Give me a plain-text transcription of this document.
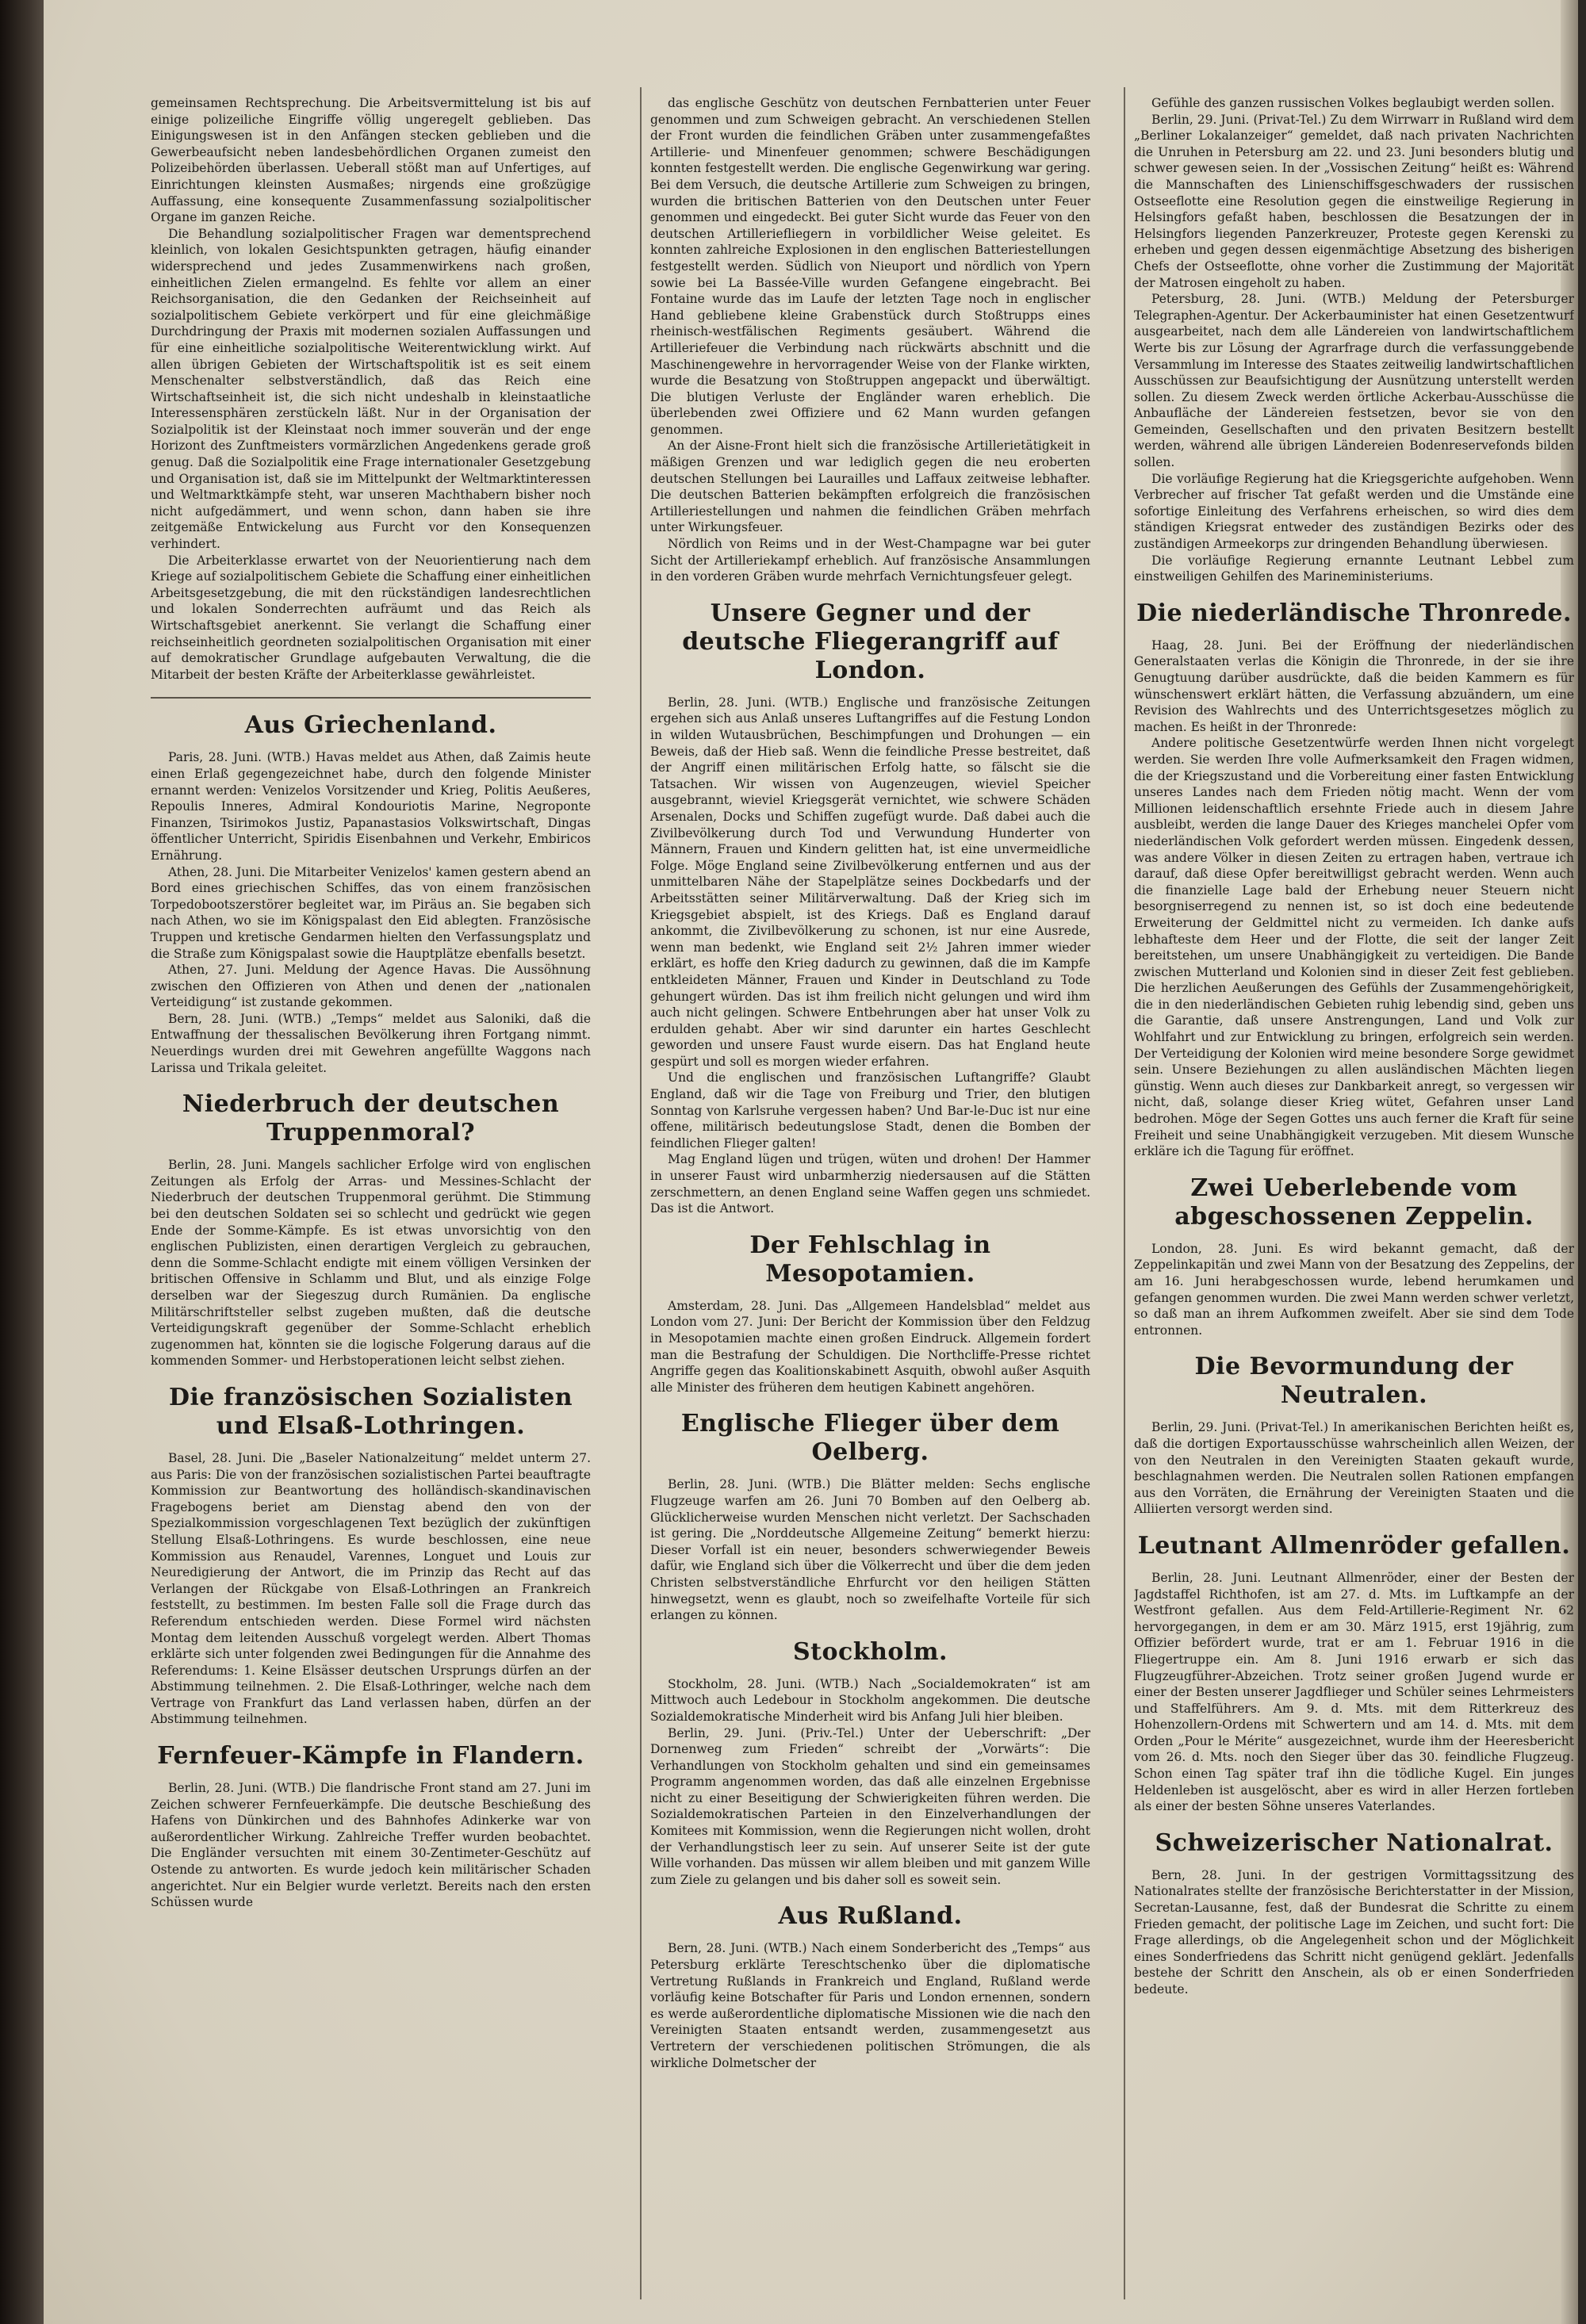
gemeinsamen Rechtsprechung. Die Arbeitsvermittelung ist bis auf einige polizeiliche Eingriffe völlig ungeregelt geblieben. Das Einigungswesen ist in den Anfängen stecken geblieben und die Gewerbeaufsicht neben landesbehördlichen Organen zumeist den Polizeibehörden überlassen. Ueberall stößt man auf Unfertiges, auf Einrichtungen kleinsten Ausmaßes; nirgends eine großzügige Auffassung, eine konsequente Zusammenfassung sozialpolitischer Organe im ganzen Reiche.

Die Behandlung sozialpolitischer Fragen war dementsprechend kleinlich, von lokalen Gesichtspunkten getragen, häufig einander widersprechend und jedes Zusammenwirkens nach großen, einheitlichen Zielen ermangelnd. Es fehlte vor allem an einer Reichsorganisation, die den Gedanken der Reichseinheit auf sozialpolitischem Gebiete verkörpert und für eine gleichmäßige Durchdringung der Praxis mit modernen sozialen Auffassungen und für eine einheitliche sozialpolitische Weiterentwicklung wirkt. Auf allen übrigen Gebieten der Wirtschaftspolitik ist es seit einem Menschenalter selbstverständlich, daß das Reich eine Wirtschaftseinheit ist, die sich nicht undeshalb in kleinstaatliche Interessensphären zerstückeln läßt. Nur in der Organisation der Sozialpolitik ist der Kleinstaat noch immer souverän und der enge Horizont des Zunftmeisters vormärzlichen Angedenkens gerade groß genug. Daß die Sozialpolitik eine Frage internationaler Gesetzgebung und Organisation ist, daß sie im Mittelpunkt der Weltmarktinteressen und Weltmarktkämpfe steht, war unseren Machthabern bisher noch nicht aufgedämmert, und wenn schon, dann haben sie ihre zeitgemäße Entwickelung aus Furcht vor den Konsequenzen verhindert.

Die Arbeiterklasse erwartet von der Neuorientierung nach dem Kriege auf sozialpolitischem Gebiete die Schaffung einer einheitlichen Arbeitsgesetzgebung, die mit den rückständigen landesrechtlichen und lokalen Sonderrechten aufräumt und das Reich als Wirtschaftsgebiet anerkennt. Sie verlangt die Schaffung einer reichseinheitlich geordneten sozialpolitischen Organisation mit einer auf demokratischer Grundlage aufgebauten Verwaltung, die die Mitarbeit der besten Kräfte der Arbeiterklasse gewährleistet.

Aus Griechenland.

Paris, 28. Juni. (WTB.) Havas meldet aus Athen, daß Zaimis heute einen Erlaß gegengezeichnet habe, durch den folgende Minister ernannt werden: Venizelos Vorsitzender und Krieg, Politis Aeußeres, Repoulis Inneres, Admiral Kondouriotis Marine, Negroponte Finanzen, Tsirimokos Justiz, Papanastasios Volkswirtschaft, Dingas öffentlicher Unterricht, Spiridis Eisenbahnen und Verkehr, Embiricos Ernährung.

Athen, 28. Juni. Die Mitarbeiter Venizelos' kamen gestern abend an Bord eines griechischen Schiffes, das von einem französischen Torpedobootszerstörer begleitet war, im Piräus an. Sie begaben sich nach Athen, wo sie im Königspalast den Eid ablegten. Französische Truppen und kretische Gendarmen hielten den Verfassungsplatz und die Straße zum Königspalast sowie die Hauptplätze ebenfalls besetzt.

Athen, 27. Juni. Meldung der Agence Havas. Die Aussöhnung zwischen den Offizieren von Athen und denen der „nationalen Verteidigung“ ist zustande gekommen.

Bern, 28. Juni. (WTB.) „Temps“ meldet aus Saloniki, daß die Entwaffnung der thessalischen Bevölkerung ihren Fortgang nimmt. Neuerdings wurden drei mit Gewehren angefüllte Waggons nach Larissa und Trikala geleitet.

Niederbruch der deutschen Truppenmoral?

Berlin, 28. Juni. Mangels sachlicher Erfolge wird von englischen Zeitungen als Erfolg der Arras- und Messines-Schlacht der Niederbruch der deutschen Truppenmoral gerühmt. Die Stimmung bei den deutschen Soldaten sei so schlecht und gedrückt wie gegen Ende der Somme-Kämpfe. Es ist etwas unvorsichtig von den englischen Publizisten, einen derartigen Vergleich zu gebrauchen, denn die Somme-Schlacht endigte mit einem völligen Versinken der britischen Offensive in Schlamm und Blut, und als einzige Folge derselben war der Siegeszug durch Rumänien. Da englische Militärschriftsteller selbst zugeben mußten, daß die deutsche Verteidigungskraft gegenüber der Somme-Schlacht erheblich zugenommen hat, könnten sie die logische Folgerung daraus auf die kommenden Sommer- und Herbstoperationen leicht selbst ziehen.

Die französischen Sozialisten und Elsaß-Lothringen.

Basel, 28. Juni. Die „Baseler Nationalzeitung“ meldet unterm 27. aus Paris: Die von der französischen sozialistischen Partei beauftragte Kommission zur Beantwortung des holländisch-skandinavischen Fragebogens beriet am Dienstag abend den von der Spezialkommission vorgeschlagenen Text bezüglich der zukünftigen Stellung Elsaß-Lothringens. Es wurde beschlossen, eine neue Kommission aus Renaudel, Varennes, Longuet und Louis zur Neuredigierung der Antwort, die im Prinzip das Recht auf das Verlangen der Rückgabe von Elsaß-Lothringen an Frankreich feststellt, zu bestimmen. Im besten Falle soll die Frage durch das Referendum entschieden werden. Diese Formel wird nächsten Montag dem leitenden Ausschuß vorgelegt werden. Albert Thomas erklärte sich unter folgenden zwei Bedingungen für die Annahme des Referendums: 1. Keine Elsässer deutschen Ursprungs dürfen an der Abstimmung teilnehmen. 2. Die Elsaß-Lothringer, welche nach dem Vertrage von Frankfurt das Land verlassen haben, dürfen an der Abstimmung teilnehmen.

Fernfeuer-Kämpfe in Flandern.

Berlin, 28. Juni. (WTB.) Die flandrische Front stand am 27. Juni im Zeichen schwerer Fernfeuerkämpfe. Die deutsche Beschießung des Hafens von Dünkirchen und des Bahnhofes Adinkerke war von außerordentlicher Wirkung. Zahlreiche Treffer wurden beobachtet. Die Engländer versuchten mit einem 30-Zentimeter-Geschütz auf Ostende zu antworten. Es wurde jedoch kein militärischer Schaden angerichtet. Nur ein Belgier wurde verletzt. Bereits nach den ersten Schüssen wurde

das englische Geschütz von deutschen Fernbatterien unter Feuer genommen und zum Schweigen gebracht. An verschiedenen Stellen der Front wurden die feindlichen Gräben unter zusammengefaßtes Artillerie- und Minenfeuer genommen; schwere Beschädigungen konnten festgestellt werden. Die englische Gegenwirkung war gering. Bei dem Versuch, die deutsche Artillerie zum Schweigen zu bringen, wurden die britischen Batterien von den Deutschen unter Feuer genommen und eingedeckt. Bei guter Sicht wurde das Feuer von den deutschen Artilleriefliegern in vorbildlicher Weise geleitet. Es konnten zahlreiche Explosionen in den englischen Batteriestellungen festgestellt werden. Südlich von Nieuport und nördlich von Ypern sowie bei La Bassée-Ville wurden Gefangene eingebracht. Bei Fontaine wurde das im Laufe der letzten Tage noch in englischer Hand gebliebene kleine Grabenstück durch Stoßtrupps eines rheinisch-westfälischen Regiments gesäubert. Während die Artilleriefeuer die Verbindung nach rückwärts abschnitt und die Maschinengewehre in hervorragender Weise von der Flanke wirkten, wurde die Besatzung von Stoßtruppen angepackt und überwältigt. Die blutigen Verluste der Engländer waren erheblich. Die überlebenden zwei Offiziere und 62 Mann wurden gefangen genommen.

An der Aisne-Front hielt sich die französische Artillerietätigkeit in mäßigen Grenzen und war lediglich gegen die neu eroberten deutschen Stellungen bei Laurailles und Laffaux zeitweise lebhafter. Die deutschen Batterien bekämpften erfolgreich die französischen Artilleriestellungen und nahmen die feindlichen Gräben mehrfach unter Wirkungsfeuer.

Nördlich von Reims und in der West-Champagne war bei guter Sicht der Artilleriekampf erheblich. Auf französische Ansammlungen in den vorderen Gräben wurde mehrfach Vernichtungsfeuer gelegt.

Unsere Gegner und der deutsche Fliegerangriff auf London.

Berlin, 28. Juni. (WTB.) Englische und französische Zeitungen ergehen sich aus Anlaß unseres Luftangriffes auf die Festung London in wilden Wutausbrüchen, Beschimpfungen und Drohungen — ein Beweis, daß der Hieb saß. Wenn die feindliche Presse bestreitet, daß der Angriff einen militärischen Erfolg hatte, so fälscht sie die Tatsachen. Wir wissen von Augenzeugen, wieviel Speicher ausgebrannt, wieviel Kriegsgerät vernichtet, wie schwere Schäden Arsenalen, Docks und Schiffen zugefügt wurde. Daß dabei auch die Zivilbevölkerung durch Tod und Verwundung Hunderter von Männern, Frauen und Kindern gelitten hat, ist eine unvermeidliche Folge. Möge England seine Zivilbevölkerung entfernen und aus der unmittelbaren Nähe der Stapelplätze seines Dockbedarfs und der Arbeitsstätten seiner Militärverwaltung. Daß der Krieg sich im Kriegsgebiet abspielt, ist des Kriegs. Daß es England darauf ankommt, die Zivilbevölkerung zu schonen, ist nur eine Ausrede, wenn man bedenkt, wie England seit 2½ Jahren immer wieder erklärt, es hoffe den Krieg dadurch zu gewinnen, daß die im Kampfe entkleideten Männer, Frauen und Kinder in Deutschland zu Tode gehungert würden. Das ist ihm freilich nicht gelungen und wird ihm auch nicht gelingen. Schwere Entbehrungen aber hat unser Volk zu erdulden gehabt. Aber wir sind darunter ein hartes Geschlecht geworden und unsere Faust wurde eisern. Das hat England heute gespürt und soll es morgen wieder erfahren.

Und die englischen und französischen Luftangriffe? Glaubt England, daß wir die Tage von Freiburg und Trier, den blutigen Sonntag von Karlsruhe vergessen haben? Und Bar-le-Duc ist nur eine offene, militärisch bedeutungslose Stadt, denen die Bomben der feindlichen Flieger galten!

Mag England lügen und trügen, wüten und drohen! Der Hammer in unserer Faust wird unbarmherzig niedersausen auf die Stätten zerschmettern, an denen England seine Waffen gegen uns schmiedet. Das ist die Antwort.

Der Fehlschlag in Mesopotamien.

Amsterdam, 28. Juni. Das „Allgemeen Handelsblad“ meldet aus London vom 27. Juni: Der Bericht der Kommission über den Feldzug in Mesopotamien machte einen großen Eindruck. Allgemein fordert man die Bestrafung der Schuldigen. Die Northcliffe-Presse richtet Angriffe gegen das Koalitionskabinett Asquith, obwohl außer Asquith alle Minister des früheren dem heutigen Kabinett angehören.

Englische Flieger über dem Oelberg.

Berlin, 28. Juni. (WTB.) Die Blätter melden: Sechs englische Flugzeuge warfen am 26. Juni 70 Bomben auf den Oelberg ab. Glücklicherweise wurden Menschen nicht verletzt. Der Sachschaden ist gering. Die „Norddeutsche Allgemeine Zeitung“ bemerkt hierzu: Dieser Vorfall ist ein neuer, besonders schwerwiegender Beweis dafür, wie England sich über die Völkerrecht und über die dem jeden Christen selbstverständliche Ehrfurcht vor den heiligen Stätten hinwegsetzt, wenn es glaubt, noch so zweifelhafte Vorteile für sich erlangen zu können.

Stockholm.

Stockholm, 28. Juni. (WTB.) Nach „Socialdemokraten“ ist am Mittwoch auch Ledebour in Stockholm angekommen. Die deutsche Sozialdemokratische Minderheit wird bis Anfang Juli hier bleiben.

Berlin, 29. Juni. (Priv.-Tel.) Unter der Ueberschrift: „Der Dornenweg zum Frieden“ schreibt der „Vorwärts“: Die Verhandlungen von Stockholm gehalten und sind ein gemeinsames Programm angenommen worden, das daß alle einzelnen Ergebnisse nicht zu einer Beseitigung der Schwierigkeiten führen werden. Die Sozialdemokratischen Parteien in den Einzelverhandlungen der Komitees mit Kommission, wenn die Regierungen nicht wollen, droht der Verhandlungstisch leer zu sein. Auf unserer Seite ist der gute Wille vorhanden. Das müssen wir allem bleiben und mit ganzem Wille zum Ziele zu gelangen und bis daher soll es soweit sein.

Aus Rußland.

Bern, 28. Juni. (WTB.) Nach einem Sonderbericht des „Temps“ aus Petersburg erklärte Tereschtschenko über die diplomatische Vertretung Rußlands in Frankreich und England, Rußland werde vorläufig keine Botschafter für Paris und London ernennen, sondern es werde außerordentliche diplomatische Missionen wie die nach den Vereinigten Staaten entsandt werden, zusammengesetzt aus Vertretern der verschiedenen politischen Strömungen, die als wirkliche Dolmetscher der

Gefühle des ganzen russischen Volkes beglaubigt werden sollen.

Berlin, 29. Juni. (Privat-Tel.) Zu dem Wirrwarr in Rußland wird dem „Berliner Lokalanzeiger“ gemeldet, daß nach privaten Nachrichten die Unruhen in Petersburg am 22. und 23. Juni besonders blutig und schwer gewesen seien. In der „Vossischen Zeitung“ heißt es: Während die Mannschaften des Linienschiffsgeschwaders der russischen Ostseeflotte eine Resolution gegen die einstweilige Regierung in Helsingfors gefaßt haben, beschlossen die Besatzungen der in Helsingfors liegenden Panzerkreuzer, Proteste gegen Kerenski zu erheben und gegen dessen eigenmächtige Absetzung des bisherigen Chefs der Ostseeflotte, ohne vorher die Zustimmung der Majorität der Matrosen eingeholt zu haben.

Petersburg, 28. Juni. (WTB.) Meldung der Petersburger Telegraphen-Agentur. Der Ackerbauminister hat einen Gesetzentwurf ausgearbeitet, nach dem alle Ländereien von landwirtschaftlichem Werte bis zur Lösung der Agrarfrage durch die verfassunggebende Versammlung im Interesse des Staates zeitweilig landwirtschaftlichen Ausschüssen zur Beaufsichtigung der Ausnützung unterstellt werden sollen. Zu diesem Zweck werden örtliche Ackerbau-Ausschüsse die Anbaufläche der Ländereien festsetzen, bevor sie von den Gemeinden, Gesellschaften und den privaten Besitzern bestellt werden, während alle übrigen Ländereien Bodenreservefonds bilden sollen.

Die vorläufige Regierung hat die Kriegsgerichte aufgehoben. Wenn Verbrecher auf frischer Tat gefaßt werden und die Umstände eine sofortige Einleitung des Verfahrens erheischen, so wird dies dem ständigen Kriegsrat entweder des zuständigen Bezirks oder des zuständigen Armeekorps zur dringenden Behandlung überwiesen.

Die vorläufige Regierung ernannte Leutnant Lebbel zum einstweiligen Gehilfen des Marineministeriums.

Die niederländische Thronrede.

Haag, 28. Juni. Bei der Eröffnung der niederländischen Generalstaaten verlas die Königin die Thronrede, in der sie ihre Genugtuung darüber ausdrückte, daß die beiden Kammern es für wünschenswert erklärt hätten, die Verfassung abzuändern, um eine Revision des Wahlrechts und des Unterrichtsgesetzes möglich zu machen. Es heißt in der Thronrede:

Andere politische Gesetzentwürfe werden Ihnen nicht vorgelegt werden. Sie werden Ihre volle Aufmerksamkeit den Fragen widmen, die der Kriegszustand und die Vorbereitung einer fasten Entwicklung unseres Landes nach dem Frieden nötig macht. Wenn der vom Millionen leidenschaftlich ersehnte Friede auch in diesem Jahre ausbleibt, werden die lange Dauer des Krieges manchelei Opfer vom niederländischen Volk gefordert werden müssen. Eingedenk dessen, was andere Völker in diesen Zeiten zu ertragen haben, vertraue ich darauf, daß diese Opfer bereitwilligst gebracht werden. Wenn auch die finanzielle Lage bald der Erhebung neuer Steuern nicht besorgniserregend zu nennen ist, so ist doch eine bedeutende Erweiterung der Geldmittel nicht zu vermeiden. Ich danke aufs lebhafteste dem Heer und der Flotte, die seit der langer Zeit bereitstehen, um unsere Unabhängigkeit zu verteidigen. Die Bande zwischen Mutterland und Kolonien sind in dieser Zeit fest geblieben. Die herzlichen Aeußerungen des Gefühls der Zusammengehörigkeit, die in den niederländischen Gebieten ruhig lebendig sind, geben uns die Garantie, daß unsere Anstrengungen, Land und Volk zur Wohlfahrt und zur Entwicklung zu bringen, erfolgreich sein werden. Der Verteidigung der Kolonien wird meine besondere Sorge gewidmet sein. Unsere Beziehungen zu allen ausländischen Mächten liegen günstig. Wenn auch dieses zur Dankbarkeit anregt, so vergessen wir nicht, daß, solange dieser Krieg wütet, Gefahren unser Land bedrohen. Möge der Segen Gottes uns auch ferner die Kraft für seine Freiheit und seine Unabhängigkeit verzugeben. Mit diesem Wunsche erkläre ich die Tagung für eröffnet.

Zwei Ueberlebende vom abgeschossenen Zeppelin.

London, 28. Juni. Es wird bekannt gemacht, daß der Zeppelinkapitän und zwei Mann von der Besatzung des Zeppelins, der am 16. Juni herabgeschossen wurde, lebend herumkamen und gefangen genommen wurden. Die zwei Mann werden schwer verletzt, so daß man an ihrem Aufkommen zweifelt. Aber sie sind dem Tode entronnen.

Die Bevormundung der Neutralen.

Berlin, 29. Juni. (Privat-Tel.) In amerikanischen Berichten heißt es, daß die dortigen Exportausschüsse wahrscheinlich allen Weizen, der von den Neutralen in den Vereinigten Staaten gekauft wurde, beschlagnahmen werden. Die Neutralen sollen Rationen empfangen aus den Vorräten, die Ernährung der Vereinigten Staaten und die Alliierten versorgt werden sind.

Leutnant Allmenröder gefallen.

Berlin, 28. Juni. Leutnant Allmenröder, einer der Besten der Jagdstaffel Richthofen, ist am 27. d. Mts. im Luftkampfe an der Westfront gefallen. Aus dem Feld-Artillerie-Regiment Nr. 62 hervorgegangen, in dem er am 30. März 1915, erst 19jährig, zum Offizier befördert wurde, trat er am 1. Februar 1916 in die Fliegertruppe ein. Am 8. Juni 1916 erwarb er sich das Flugzeugführer-Abzeichen. Trotz seiner großen Jugend wurde er einer der Besten unserer Jagdflieger und Schüler seines Lehrmeisters und Staffelführers. Am 9. d. Mts. mit dem Ritterkreuz des Hohenzollern-Ordens mit Schwertern und am 14. d. Mts. mit dem Orden „Pour le Mérite“ ausgezeichnet, wurde ihm der Heeresbericht vom 26. d. Mts. noch den Sieger über das 30. feindliche Flugzeug. Schon einen Tag später traf ihn die tödliche Kugel. Ein junges Heldenleben ist ausgelöscht, aber es wird in aller Herzen fortleben als einer der besten Söhne unseres Vaterlandes.

Schweizerischer Nationalrat.

Bern, 28. Juni. In der gestrigen Vormittagssitzung des Nationalrates stellte der französische Berichterstatter in der Mission, Secretan-Lausanne, fest, daß der Bundesrat die Schritte zu einem Frieden gemacht, der politische Lage im Zeichen, und sucht fort: Die Frage allerdings, ob die Angelegenheit schon und der Möglichkeit eines Sonderfriedens das Schritt nicht genügend geklärt. Jedenfalls bestehe der Schritt den Anschein, als ob er einen Sonderfrieden bedeute.
